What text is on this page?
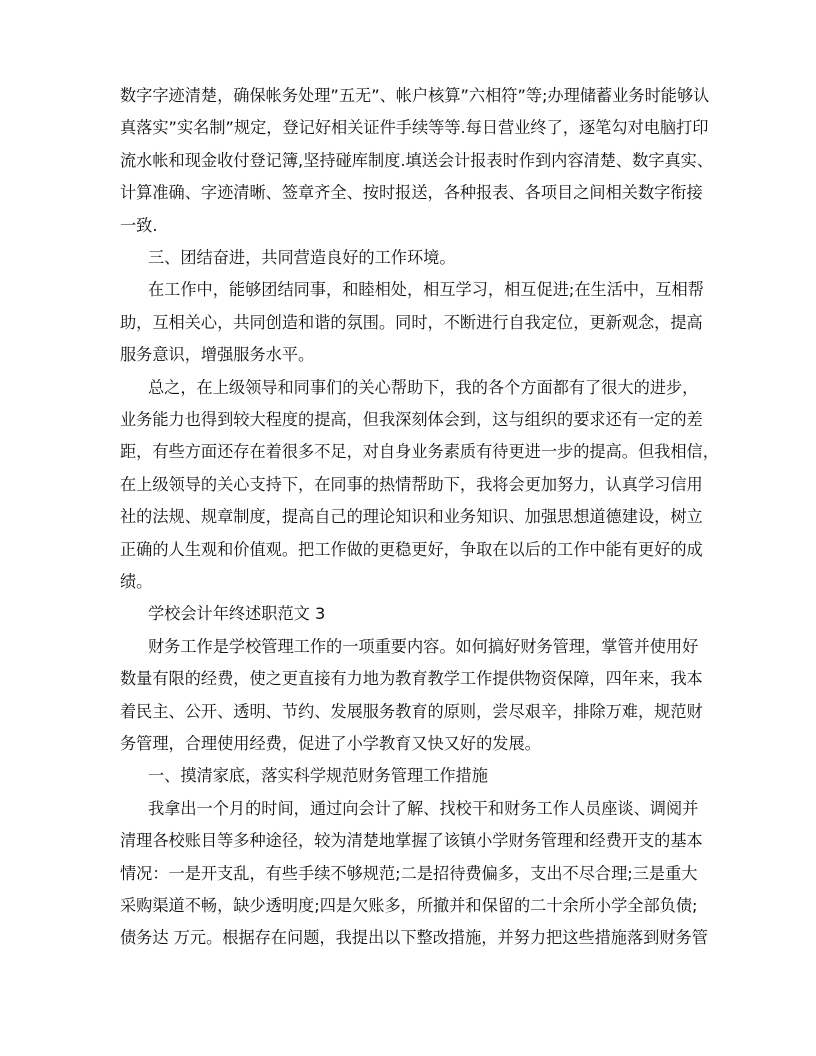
数字字迹清楚，确保帐务处理”五无”、帐户核算”六相符”等;办理储蓄业务时能够认
真落实”实名制”规定，登记好相关证件手续等等.每日营业终了，逐笔勾对电脑打印
流水帐和现金收付登记簿,坚持碰库制度.填送会计报表时作到内容清楚、数字真实、
计算准确、字迹清晰、签章齐全、按时报送，各种报表、各项目之间相关数字衔接
一致.
三、团结奋进，共同营造良好的工作环境。
在工作中，能够团结同事，和睦相处，相互学习，相互促进;在生活中，互相帮
助，互相关心，共同创造和谐的氛围。同时，不断进行自我定位，更新观念，提高
服务意识，增强服务水平。
总之，在上级领导和同事们的关心帮助下，我的各个方面都有了很大的进步，
业务能力也得到较大程度的提高，但我深刻体会到，这与组织的要求还有一定的差
距，有些方面还存在着很多不足，对自身业务素质有待更进一步的提高。但我相信，
在上级领导的关心支持下，在同事的热情帮助下，我将会更加努力，认真学习信用
社的法规、规章制度，提高自己的理论知识和业务知识、加强思想道德建设，树立
正确的人生观和价值观。把工作做的更稳更好，争取在以后的工作中能有更好的成
绩。
学校会计年终述职范文 3
财务工作是学校管理工作的一项重要内容。如何搞好财务管理，掌管并使用好
数量有限的经费，使之更直接有力地为教育教学工作提供物资保障，四年来，我本
着民主、公开、透明、节约、发展服务教育的原则，尝尽艰辛，排除万难，规范财
务管理，合理使用经费，促进了小学教育又快又好的发展。
一、摸清家底，落实科学规范财务管理工作措施
我拿出一个月的时间，通过向会计了解、找校干和财务工作人员座谈、调阅并
清理各校账目等多种途径，较为清楚地掌握了该镇小学财务管理和经费开支的基本
情况：一是开支乱，有些手续不够规范;二是招待费偏多，支出不尽合理;三是重大
采购渠道不畅，缺少透明度;四是欠账多，所撤并和保留的二十余所小学全部负债;
债务达 万元。根据存在问题，我提出以下整改措施，并努力把这些措施落到财务管
